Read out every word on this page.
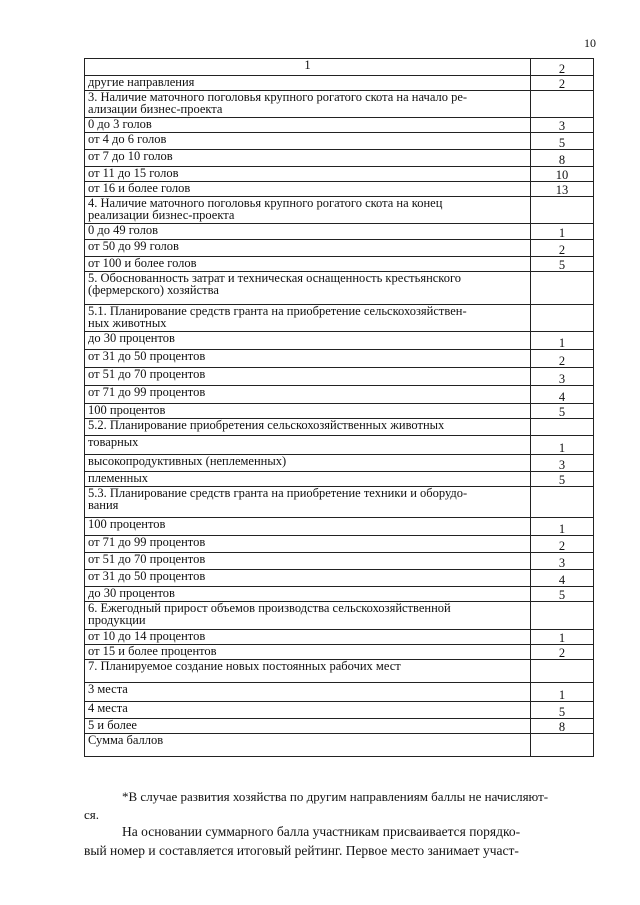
10
1	2
другие направления	2
3. Наличие маточного поголовья крупного рогатого скота на начало ре-
ализации бизнес-проекта	
0 до 3 голов	3
от 4 до 6 голов	5
от 7 до 10 голов	8
от 11 до 15 голов	10
от 16 и более голов	13
4. Наличие маточного поголовья крупного рогатого скота на конец
реализации бизнес-проекта	
0 до 49 голов	1
от 50 до 99 голов	2
от 100 и более голов	5
5. Обоснованность затрат и техническая оснащенность крестьянского
(фермерского) хозяйства	
5.1. Планирование средств гранта на приобретение сельскохозяйствен-
ных животных	
до 30 процентов	1
от 31 до 50 процентов	2
от 51 до 70 процентов	3
от 71 до 99 процентов	4
100 процентов	5
5.2. Планирование приобретения сельскохозяйственных животных	
товарных	1
высокопродуктивных (неплеменных)	3
племенных	5
5.3. Планирование средств гранта на приобретение техники и оборудо-
вания	
100 процентов	1
от 71 до 99 процентов	2
от 51 до 70 процентов	3
от 31 до 50 процентов	4
до 30 процентов	5
6. Ежегодный прирост объемов производства сельскохозяйственной
продукции	
от 10 до 14 процентов	1
от 15 и более процентов	2
7. Планируемое создание новых постоянных рабочих мест	
3 места	1
4 места	5
5 и более	8
Сумма баллов	
*В случае развития хозяйства по другим направлениям баллы не начисляют-
ся.
На основании суммарного балла участникам присваивается порядко-
вый номер и составляется итоговый рейтинг. Первое место занимает участ-
